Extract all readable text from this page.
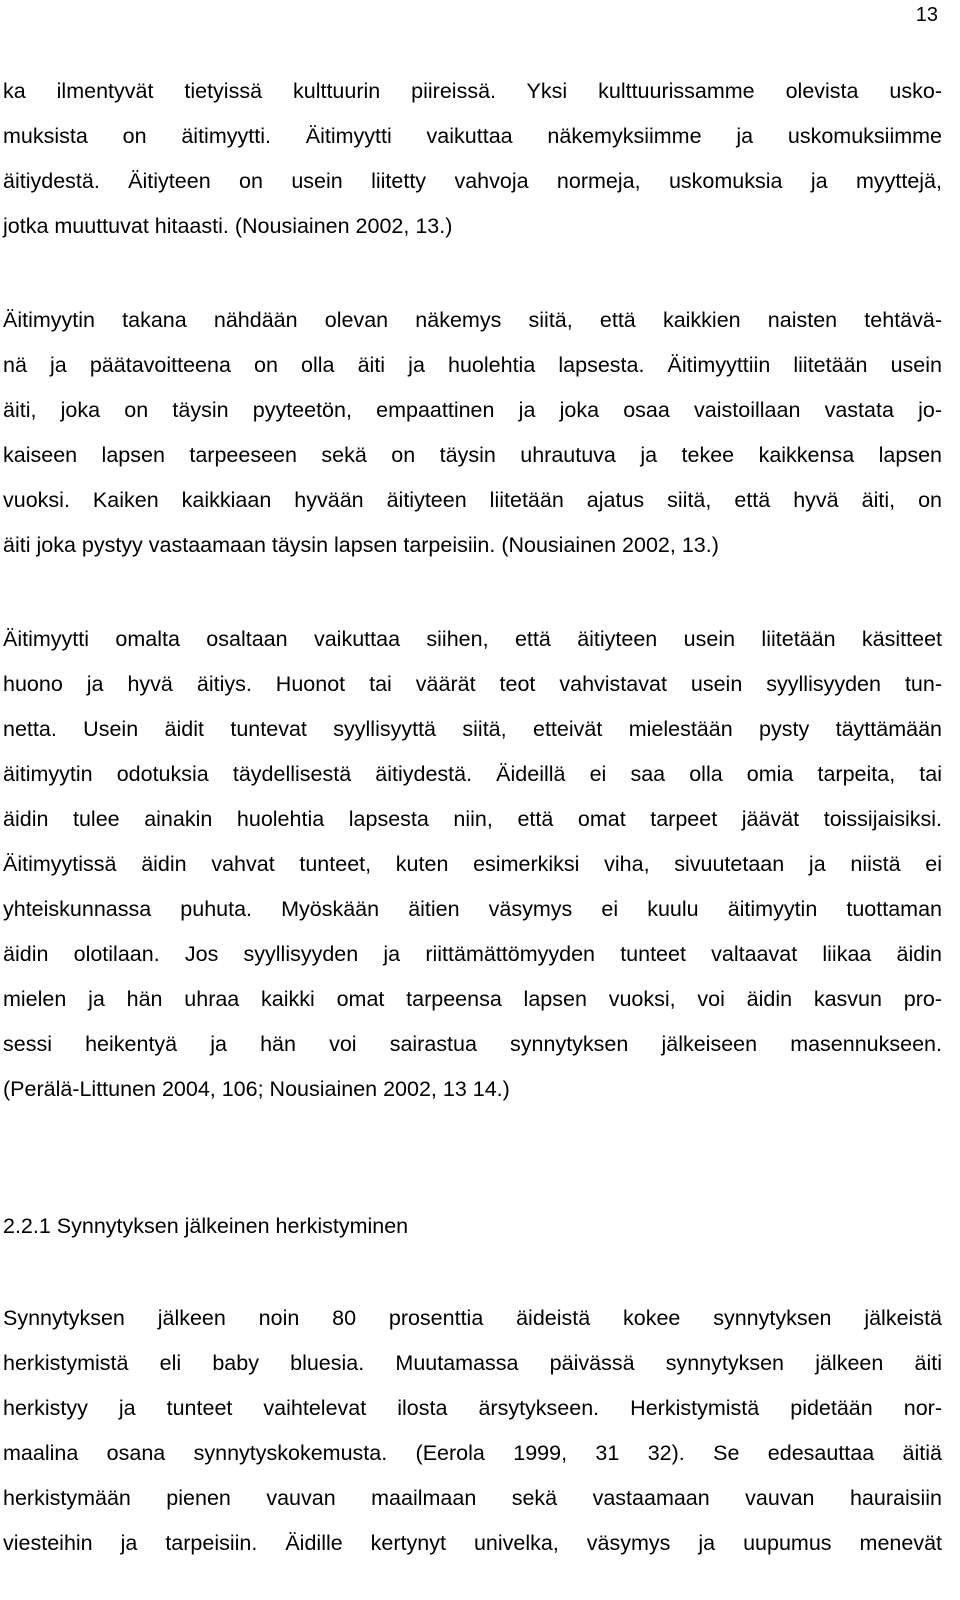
13
ka ilmentyvät tietyissä kulttuurin piireissä. Yksi kulttuurissamme olevista usko-
muksista on äitimyytti. Äitimyytti vaikuttaa näkemyksiimme ja uskomuksiimme
äitiydestä. Äitiyteen on usein liitetty vahvoja normeja, uskomuksia ja myyttejä,
jotka muuttuvat hitaasti. (Nousiainen 2002, 13.)
Äitimyytin takana nähdään olevan näkemys siitä, että kaikkien naisten tehtävä-
nä ja päätavoitteena on olla äiti ja huolehtia lapsesta. Äitimyyttiin liitetään usein
äiti, joka on täysin pyyteetön, empaattinen ja joka osaa vaistoillaan vastata jo-
kaiseen lapsen tarpeeseen sekä on täysin uhrautuva ja tekee kaikkensa lapsen
vuoksi. Kaiken kaikkiaan hyvään äitiyteen liitetään ajatus siitä, että hyvä äiti, on
äiti joka pystyy vastaamaan täysin lapsen tarpeisiin. (Nousiainen 2002, 13.)
Äitimyytti omalta osaltaan vaikuttaa siihen, että äitiyteen usein liitetään käsitteet
huono ja hyvä äitiys. Huonot tai väärät teot vahvistavat usein syyllisyyden tun-
netta. Usein äidit tuntevat syyllisyyttä siitä, etteivät mielestään pysty täyttämään
äitimyytin odotuksia täydellisestä äitiydestä. Äideillä ei saa olla omia tarpeita, tai
äidin tulee ainakin huolehtia lapsesta niin, että omat tarpeet jäävät toissijaisiksi.
Äitimyytissä äidin vahvat tunteet, kuten esimerkiksi viha, sivuutetaan ja niistä ei
yhteiskunnassa puhuta. Myöskään äitien väsymys ei kuulu äitimyytin tuottaman
äidin olotilaan. Jos syyllisyyden ja riittämättömyyden tunteet valtaavat liikaa äidin
mielen ja hän uhraa kaikki omat tarpeensa lapsen vuoksi, voi äidin kasvun pro-
sessi heikentyä ja hän voi sairastua synnytyksen jälkeiseen masennukseen.
(Perälä-Littunen 2004, 106; Nousiainen 2002, 13 14.)
2.2.1 Synnytyksen jälkeinen herkistyminen
Synnytyksen jälkeen noin 80 prosenttia äideistä kokee synnytyksen jälkeistä
herkistymistä eli baby bluesia. Muutamassa päivässä synnytyksen jälkeen äiti
herkistyy ja tunteet vaihtelevat ilosta ärsytykseen. Herkistymistä pidetään nor-
maalina osana synnytyskokemusta. (Eerola 1999, 31 32). Se edesauttaa äitiä
herkistymään pienen vauvan maailmaan sekä vastaamaan vauvan hauraisiin
viesteihin ja tarpeisiin. Äidille kertynyt univelka, väsymys ja uupumus menevät
